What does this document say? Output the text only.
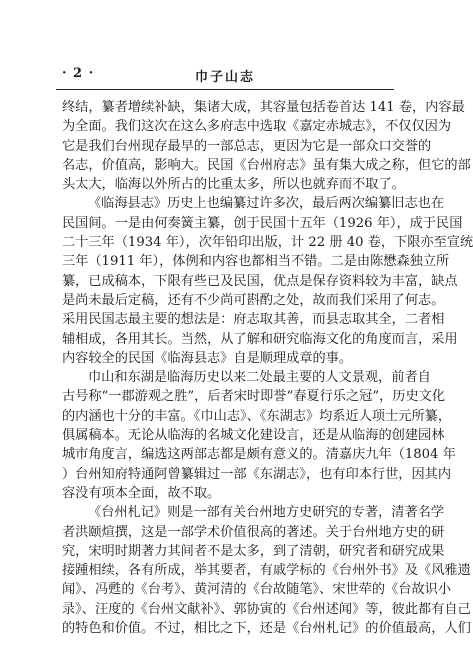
· 2 ·	巾子山志

终结，纂者增续补缺，集诸大成，其容量包括卷首达 141 卷，内容最
为全面。我们这次在这么多府志中选取《嘉定赤城志》，不仅仅因为
它是我们台州现存最早的一部总志，更因为它是一部众口交誉的
名志，价值高，影响大。民国《台州府志》虽有集大成之称，但它的部
头太大，临海以外所占的比重太多，所以也就弃而不取了。

《临海县志》历史上也编纂过许多次，最后两次编纂旧志也在
民国间。一是由何奏簧主纂，创于民国十五年（1926 年），成于民国
二十三年（1934 年），次年铅印出版，计 22 册 40 卷，下限亦至宣统
三年（1911 年），体例和内容也都相当不错。二是由陈懋森独立所
纂，已成稿本，下限有些已及民国，优点是保存资料较为丰富，缺点
是尚未最后定稿，还有不少尚可斟酌之处，故而我们采用了何志。
采用民国志最主要的想法是：府志取其善，而县志取其全，二者相
辅相成，各用其长。当然，从了解和研究临海文化的角度而言，采用
内容较全的民国《临海县志》自是顺理成章的事。

巾山和东湖是临海历史以来二处最主要的人文景观，前者自
古号称“一郡游观之胜”，后者宋时即誉“春夏行乐之冠”，历史文化
的内涵也十分的丰富。《巾山志》、《东湖志》均系近人项士元所纂，
俱属稿本。无论从临海的名城文化建设言，还是从临海的创建园林
城市角度言，编选这两部志都是颇有意义的。清嘉庆九年（1804 年
）台州知府特通阿曾纂辑过一部《东湖志》，也有印本行世，因其内
容没有项本全面，故不取。

《台州札记》则是一部有关台州地方史研究的专著，清著名学
者洪颐煊撰，这是一部学术价值很高的著述。关于台州地方史的研
究，宋明时期著力其间者不是太多，到了清朝，研究者和研究成果
接踵相续，各有所成，举其要者，有戚学标的《台州外书》及《风雅遗
闻》、冯甦的《台考》、黄河清的《台故随笔》、宋世荦的《台故识小
录》、汪度的《台州文献补》、郭协寅的《台州述闻》等，彼此都有自己
的特色和价值。不过，相比之下，还是《台州札记》的价值最高，人们
